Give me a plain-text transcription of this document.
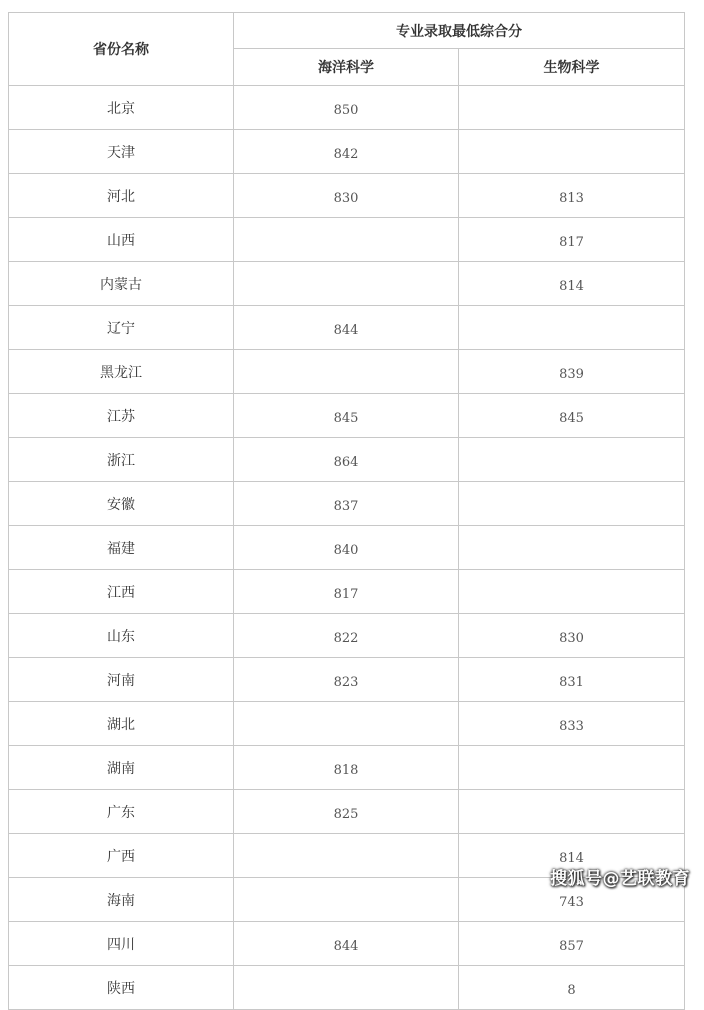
省份名称	专业录取最低综合分	
	海洋科学	生物科学
北京	850	
天津	842	
河北	830	813
山西		817
内蒙古		814
辽宁	844	
黑龙江		839
江苏	845	845
浙江	864	
安徽	837	
福建	840	
江西	817	
山东	822	830
河南	823	831
湖北		833
湖南	818	
广东	825	
广西		814
海南		743
四川	844	857
陕西		8
搜狐号@艺联教育
